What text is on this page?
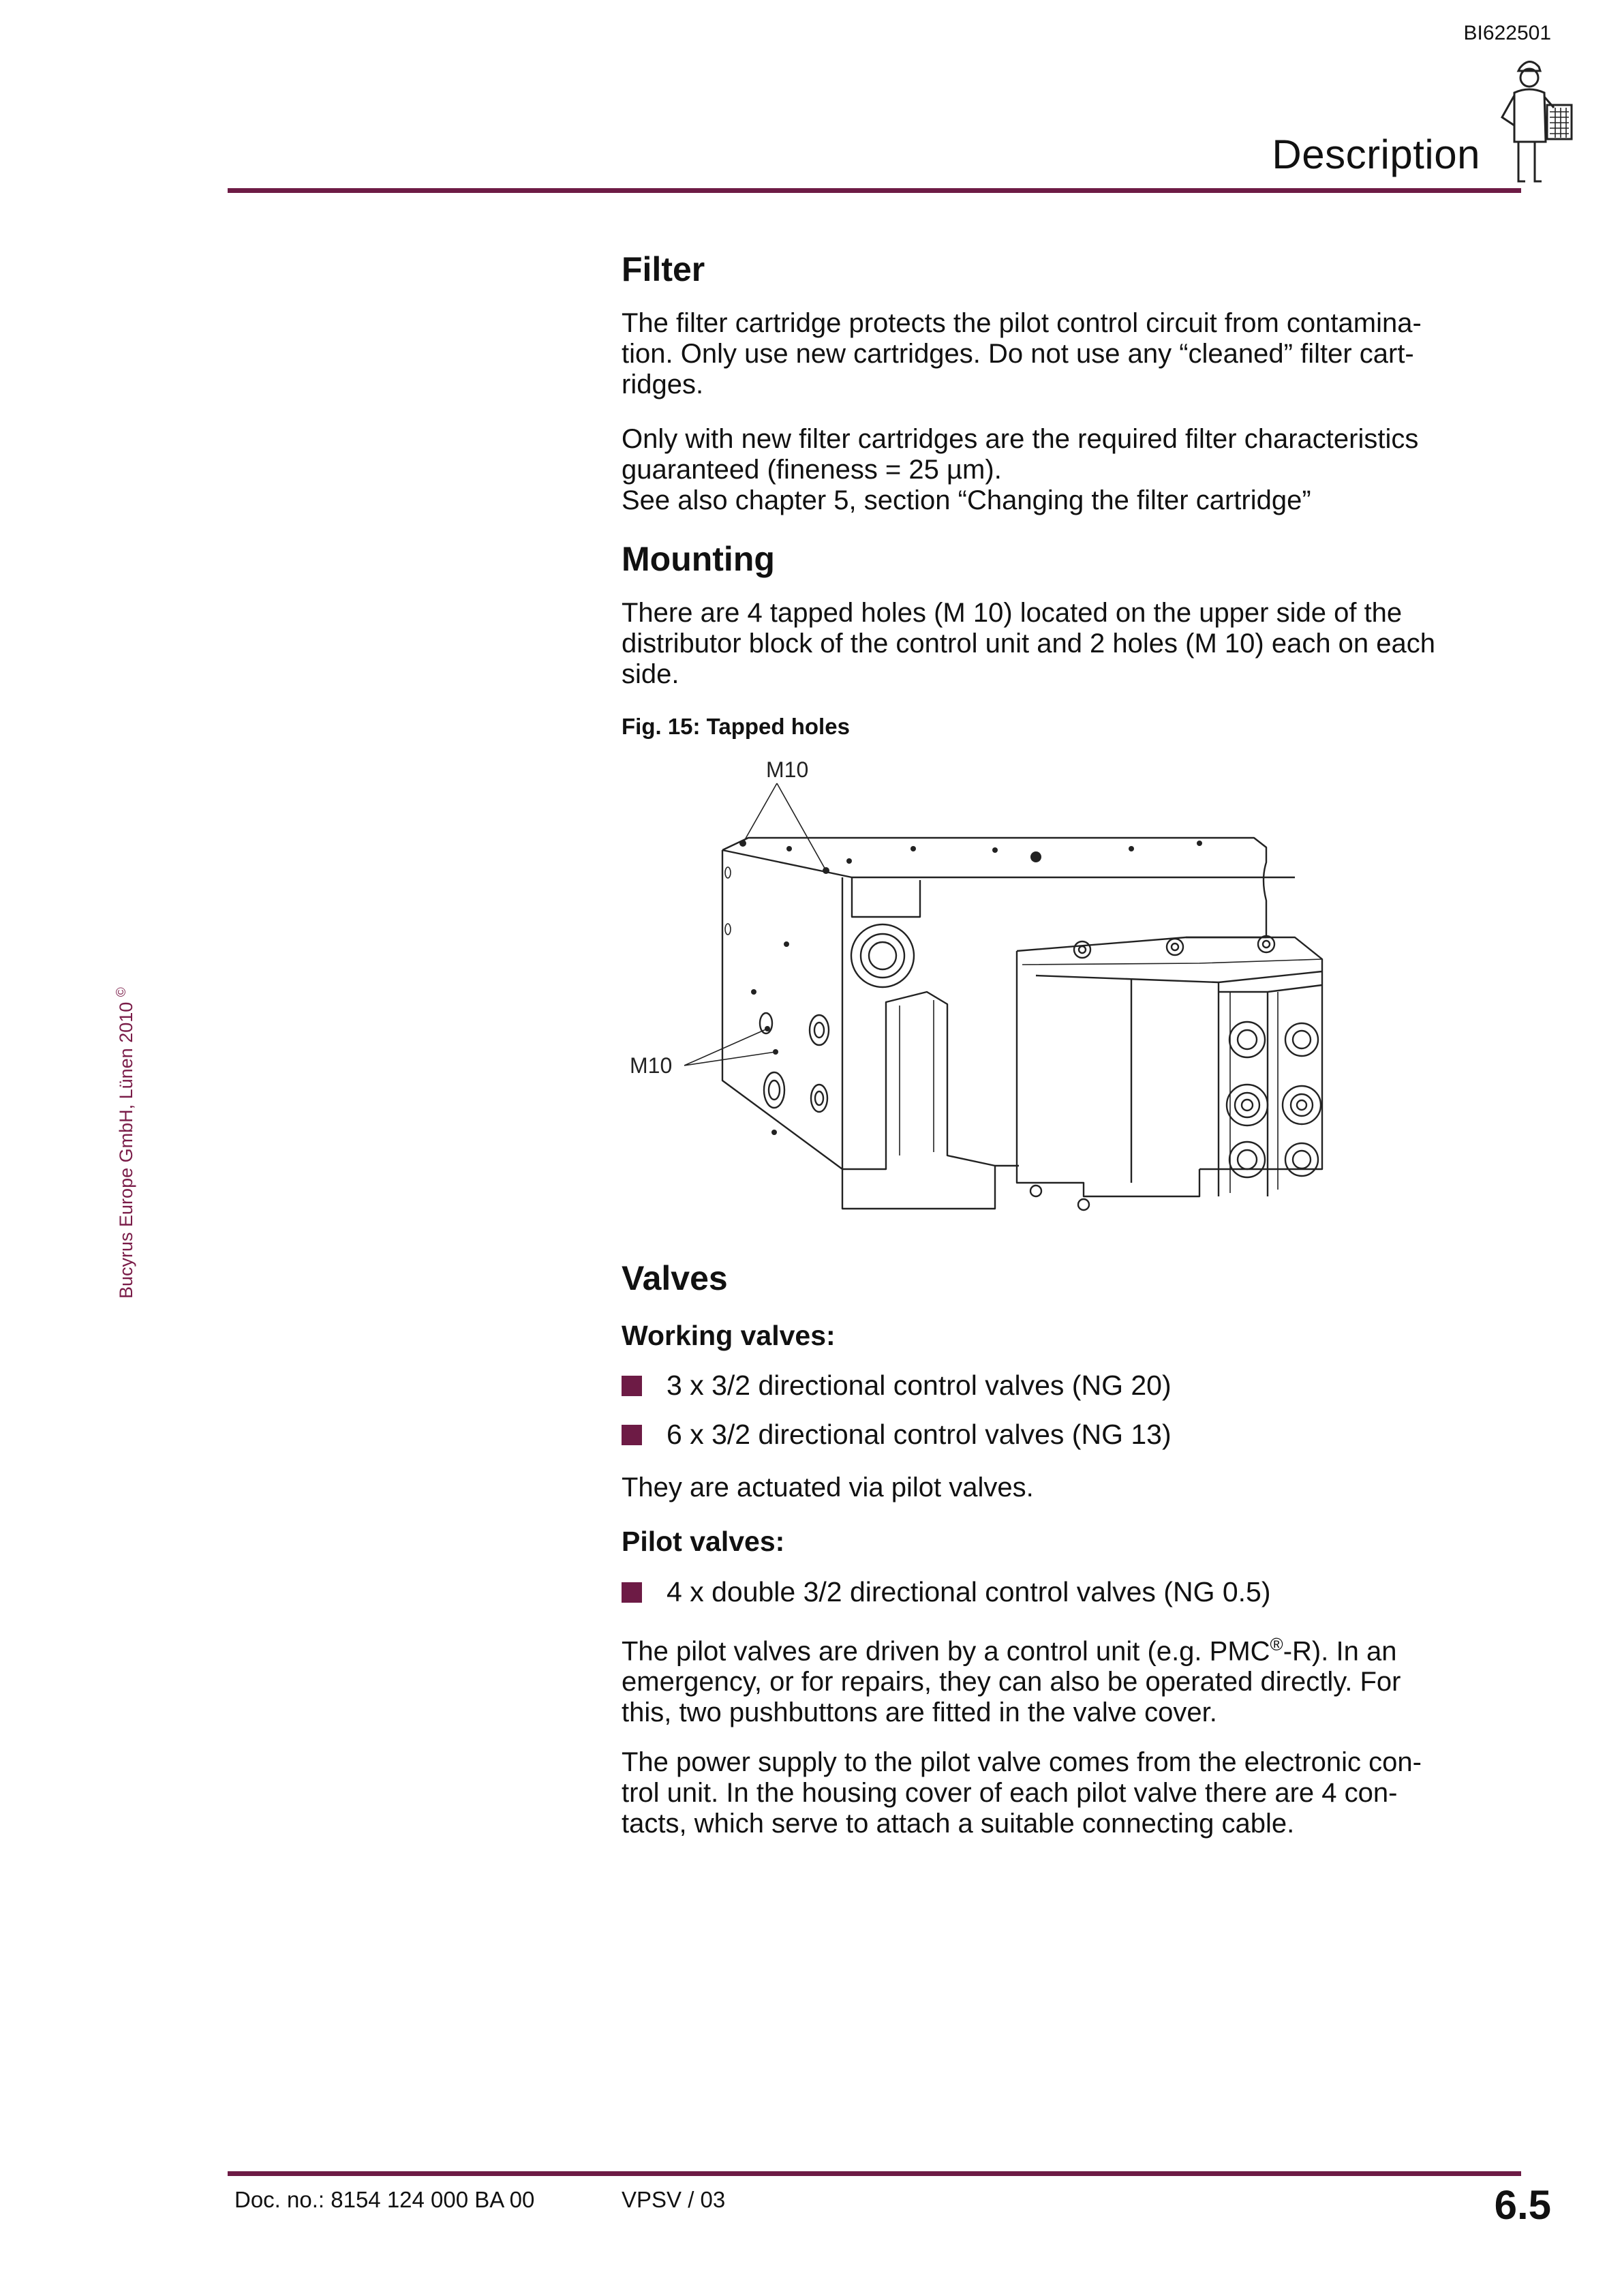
BI622501
Description
Bucyrus Europe GmbH, Lünen 2010 ©
Filter

The filter cartridge protects the pilot control circuit from contamina-

tion. Only use new cartridges. Do not use any “cleaned” filter cart-

ridges.

Only with new filter cartridges are the required filter characteristics

guaranteed (fineness = 25 µm).

See also chapter 5, section “Changing the filter cartridge”

Mounting

There are 4 tapped holes (M 10) located on the upper side of the

distributor block of the control unit and 2 holes (M 10) each on each

side.

Fig. 15: Tapped holes
M10
M10
Valves
Working valves:
3 x 3/2 directional control valves (NG 20)
6 x 3/2 directional control valves (NG 13)

They are actuated via pilot valves.

Pilot valves:
4 x double 3/2 directional control valves (NG 0.5)

The pilot valves are driven by a control unit (e.g. PMC®-R). In an

emergency, or for repairs, they can also be operated directly. For

this, two pushbuttons are fitted in the valve cover.

The power supply to the pilot valve comes from the electronic con-

trol unit. In the housing cover of each pilot valve there are 4 con-

tacts, which serve to attach a suitable connecting cable.

Doc. no.: 8154 124 000 BA 00	VPSV / 03	6.5
